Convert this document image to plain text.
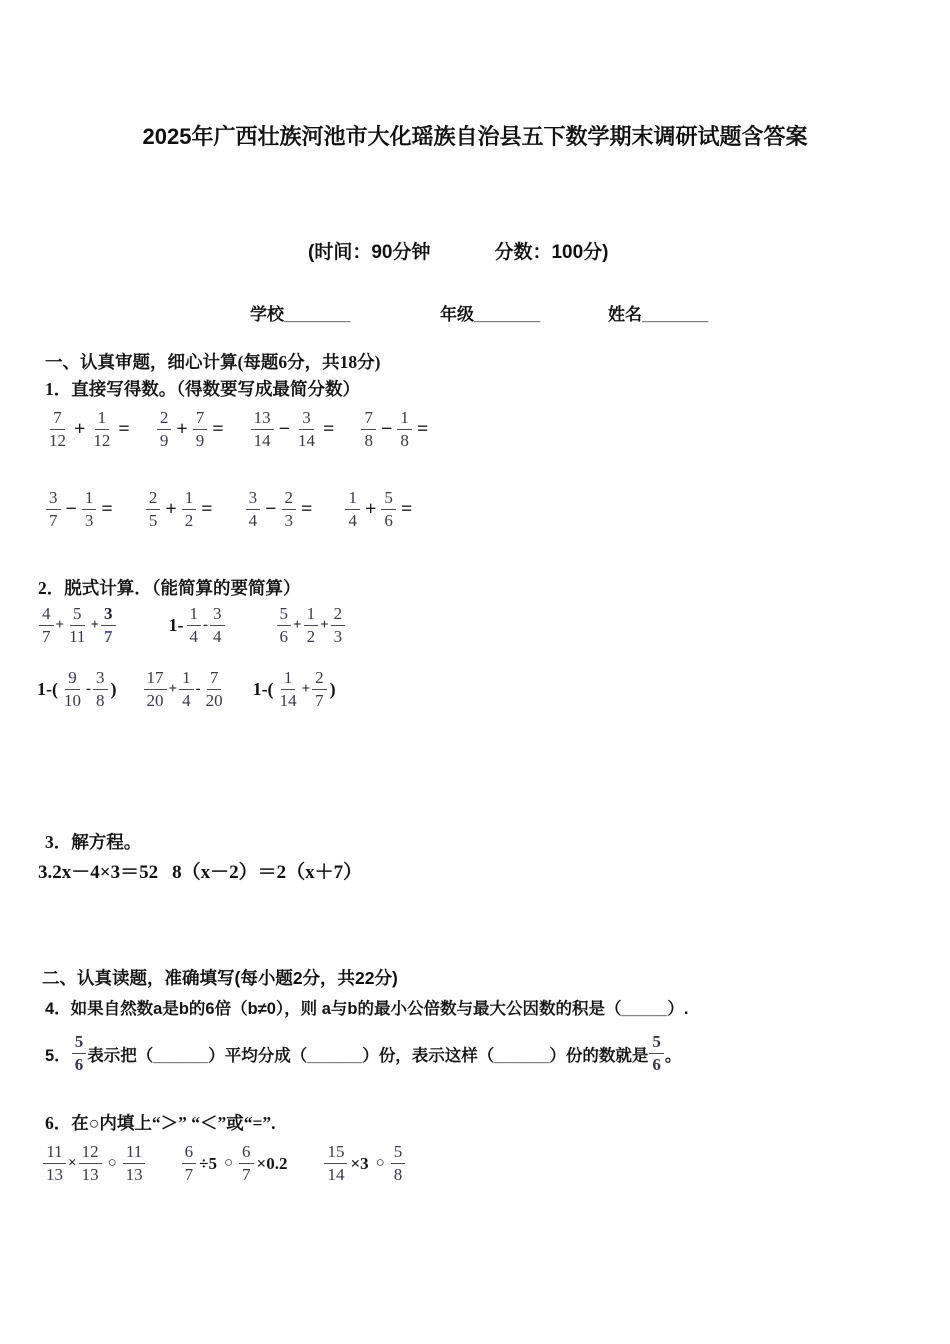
2025年广西壮族河池市大化瑶族自治县五下数学期末调研试题含答案
(时间：90分钟	分数：100分)
学校_______	年级_______	姓名_______
一、认真审题，细心计算(每题6分，共18分)
1．直接写得数。（得数要写成最简分数）
$\frac{7}{12} + \frac{1}{12} = \frac{2}{9} + \frac{7}{9} = \frac{13}{14} - \frac{3}{14} = \frac{7}{8} - \frac{1}{8}$ =
$\frac{3}{7} - \frac{1}{3} = \frac{2}{5} + \frac{1}{2} = \frac{3}{4} - \frac{2}{3} = \frac{1}{4} + \frac{5}{6}$ =
2．脱式计算．（能简算的要简算）
$\frac{4}{7} + \frac{5}{11} + \frac{3}{7}$	$1- \frac{1}{4} - \frac{3}{4}$	$\frac{5}{6} + \frac{1}{2} + \frac{2}{3}$
$1-( \frac{9}{10} - \frac{3}{8}$ ) $\frac{17}{20} + \frac{1}{4} - \frac{7}{20} 1-( \frac{1}{14} + \frac{2}{7}$ )
3．解方程。
3.2x－4×3＝52 8（x－2）＝2（x＋7）
二、认真读题，准确填写(每小题2分，共22分)
4．如果自然数a是b的6倍（b≠0），则 a与b的最小公倍数与最大公因数的积是（_____）.
5． $\frac{5}{6}$ 表示把（______）平均分成（______）份，表示这样（______）份的数就是 $\frac{5}{6}$ 。
6．在○内填上“＞” “＜”或“=”.
$\frac{11}{13} \times \frac{12}{13}$ ○ $\frac{11}{13} \frac{6}{7} \div 5$ ○ $\frac{6}{7} \times 0.2 \frac{15}{14} \times 3$ ○ $\frac{5}{8}$
